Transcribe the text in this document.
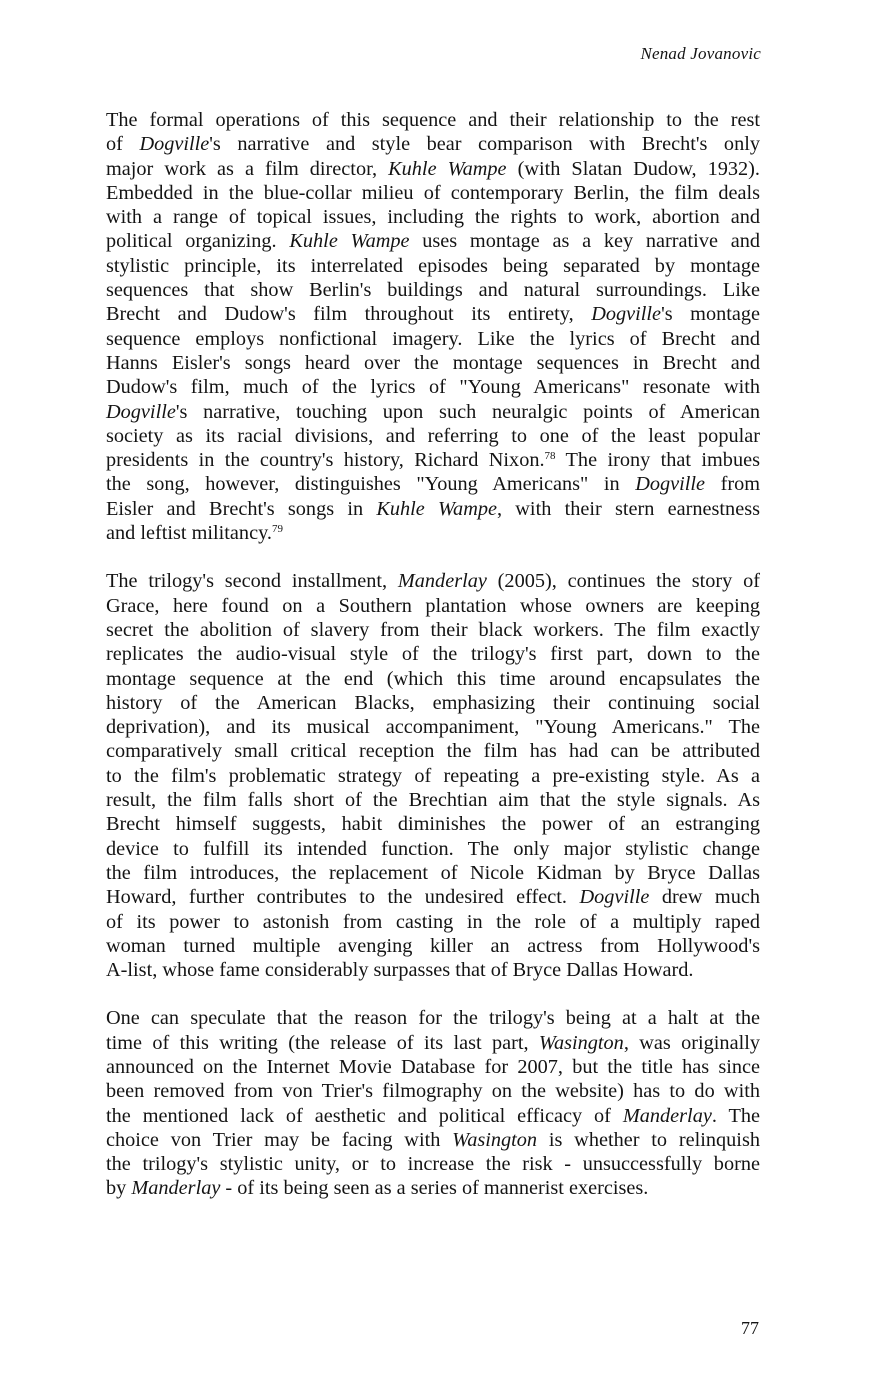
Nenad Jovanovic

The formal operations of this sequence and their relationship to the rest
of Dogville's narrative and style bear comparison with Brecht's only
major work as a film director, Kuhle Wampe (with Slatan Dudow, 1932).
Embedded in the blue-collar milieu of contemporary Berlin, the film deals
with a range of topical issues, including the rights to work, abortion and
political organizing. Kuhle Wampe uses montage as a key narrative and
stylistic principle, its interrelated episodes being separated by montage
sequences that show Berlin's buildings and natural surroundings. Like
Brecht and Dudow's film throughout its entirety, Dogville's montage
sequence employs nonfictional imagery. Like the lyrics of Brecht and
Hanns Eisler's songs heard over the montage sequences in Brecht and
Dudow's film, much of the lyrics of "Young Americans" resonate with
Dogville's narrative, touching upon such neuralgic points of American
society as its racial divisions, and referring to one of the least popular
presidents in the country's history, Richard Nixon.$^{78}$ The irony that imbues
the song, however, distinguishes "Young Americans" in Dogville from
Eisler and Brecht's songs in Kuhle Wampe, with their stern earnestness
and leftist militancy.$^{79}$

The trilogy's second installment, Manderlay (2005), continues the story of
Grace, here found on a Southern plantation whose owners are keeping
secret the abolition of slavery from their black workers. The film exactly
replicates the audio-visual style of the trilogy's first part, down to the
montage sequence at the end (which this time around encapsulates the
history of the American Blacks, emphasizing their continuing social
deprivation), and its musical accompaniment, "Young Americans." The
comparatively small critical reception the film has had can be attributed
to the film's problematic strategy of repeating a pre-existing style. As a
result, the film falls short of the Brechtian aim that the style signals. As
Brecht himself suggests, habit diminishes the power of an estranging
device to fulfill its intended function. The only major stylistic change
the film introduces, the replacement of Nicole Kidman by Bryce Dallas
Howard, further contributes to the undesired effect. Dogville drew much
of its power to astonish from casting in the role of a multiply raped
woman turned multiple avenging killer an actress from Hollywood's
A-list, whose fame considerably surpasses that of Bryce Dallas Howard.

One can speculate that the reason for the trilogy's being at a halt at the
time of this writing (the release of its last part, Wasington, was originally
announced on the Internet Movie Database for 2007, but the title has since
been removed from von Trier's filmography on the website) has to do with
the mentioned lack of aesthetic and political efficacy of Manderlay. The
choice von Trier may be facing with Wasington is whether to relinquish
the trilogy's stylistic unity, or to increase the risk - unsuccessfully borne
by Manderlay - of its being seen as a series of mannerist exercises.

77
